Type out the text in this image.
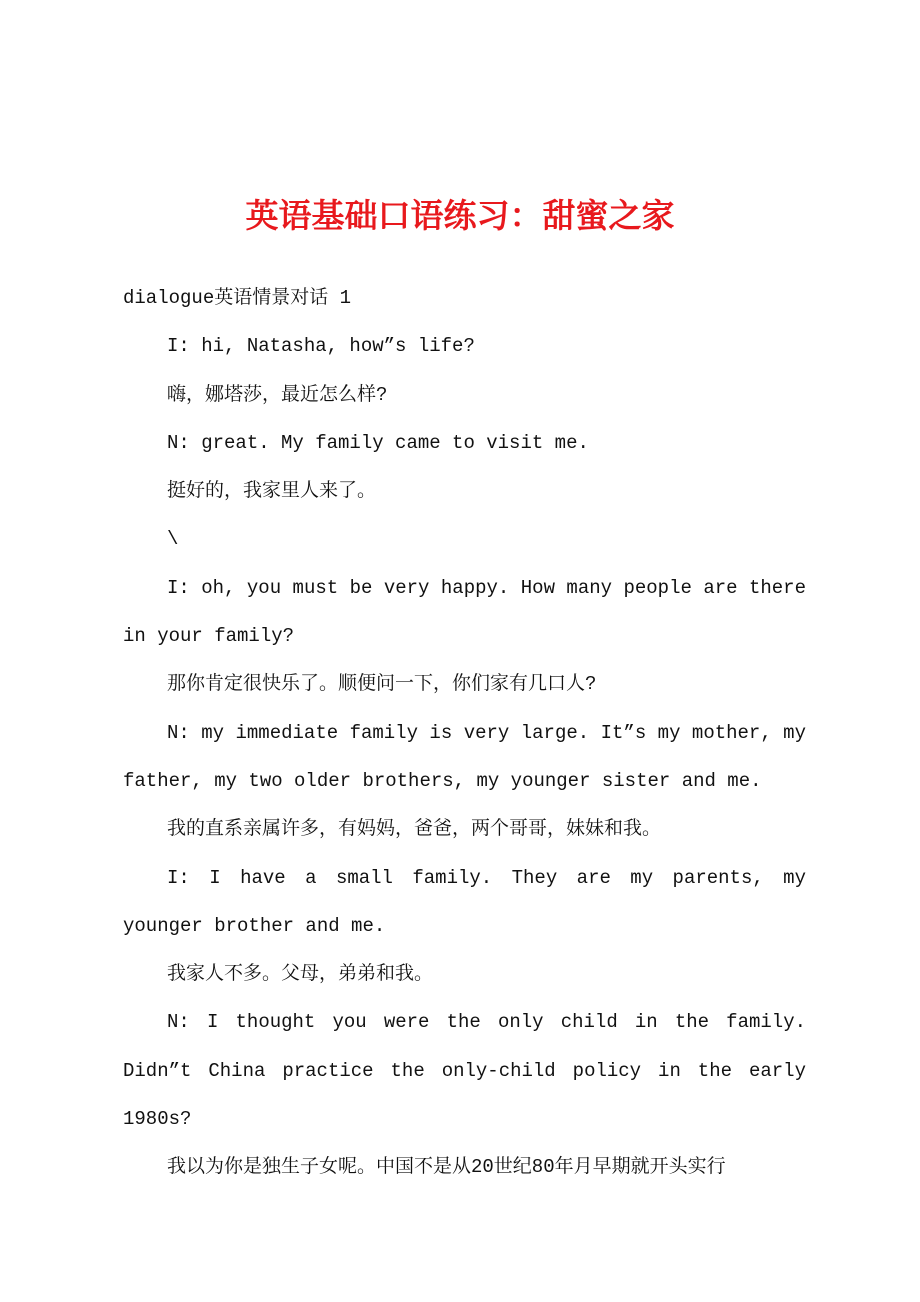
英语基础口语练习：甜蜜之家
dialogue英语情景对话 1
I: hi, Natasha, how”s life?
嗨，娜塔莎，最近怎么样?
N: great. My family came to visit me.
挺好的，我家里人来了。
\
I: oh, you must be very happy. How many people are there in your family?
那你肯定很快乐了。顺便问一下，你们家有几口人?
N: my immediate family is very large. It”s my mother, my father, my two older brothers, my younger sister and me.
我的直系亲属许多，有妈妈，爸爸，两个哥哥，妹妹和我。
I: I have a small family. They are my parents, my younger brother and me.
我家人不多。父母，弟弟和我。
N: I thought you were the only child in the family. Didn”t China practice the only-child policy in the early 1980s?
我以为你是独生子女呢。中国不是从20世纪80年月早期就开头实行
